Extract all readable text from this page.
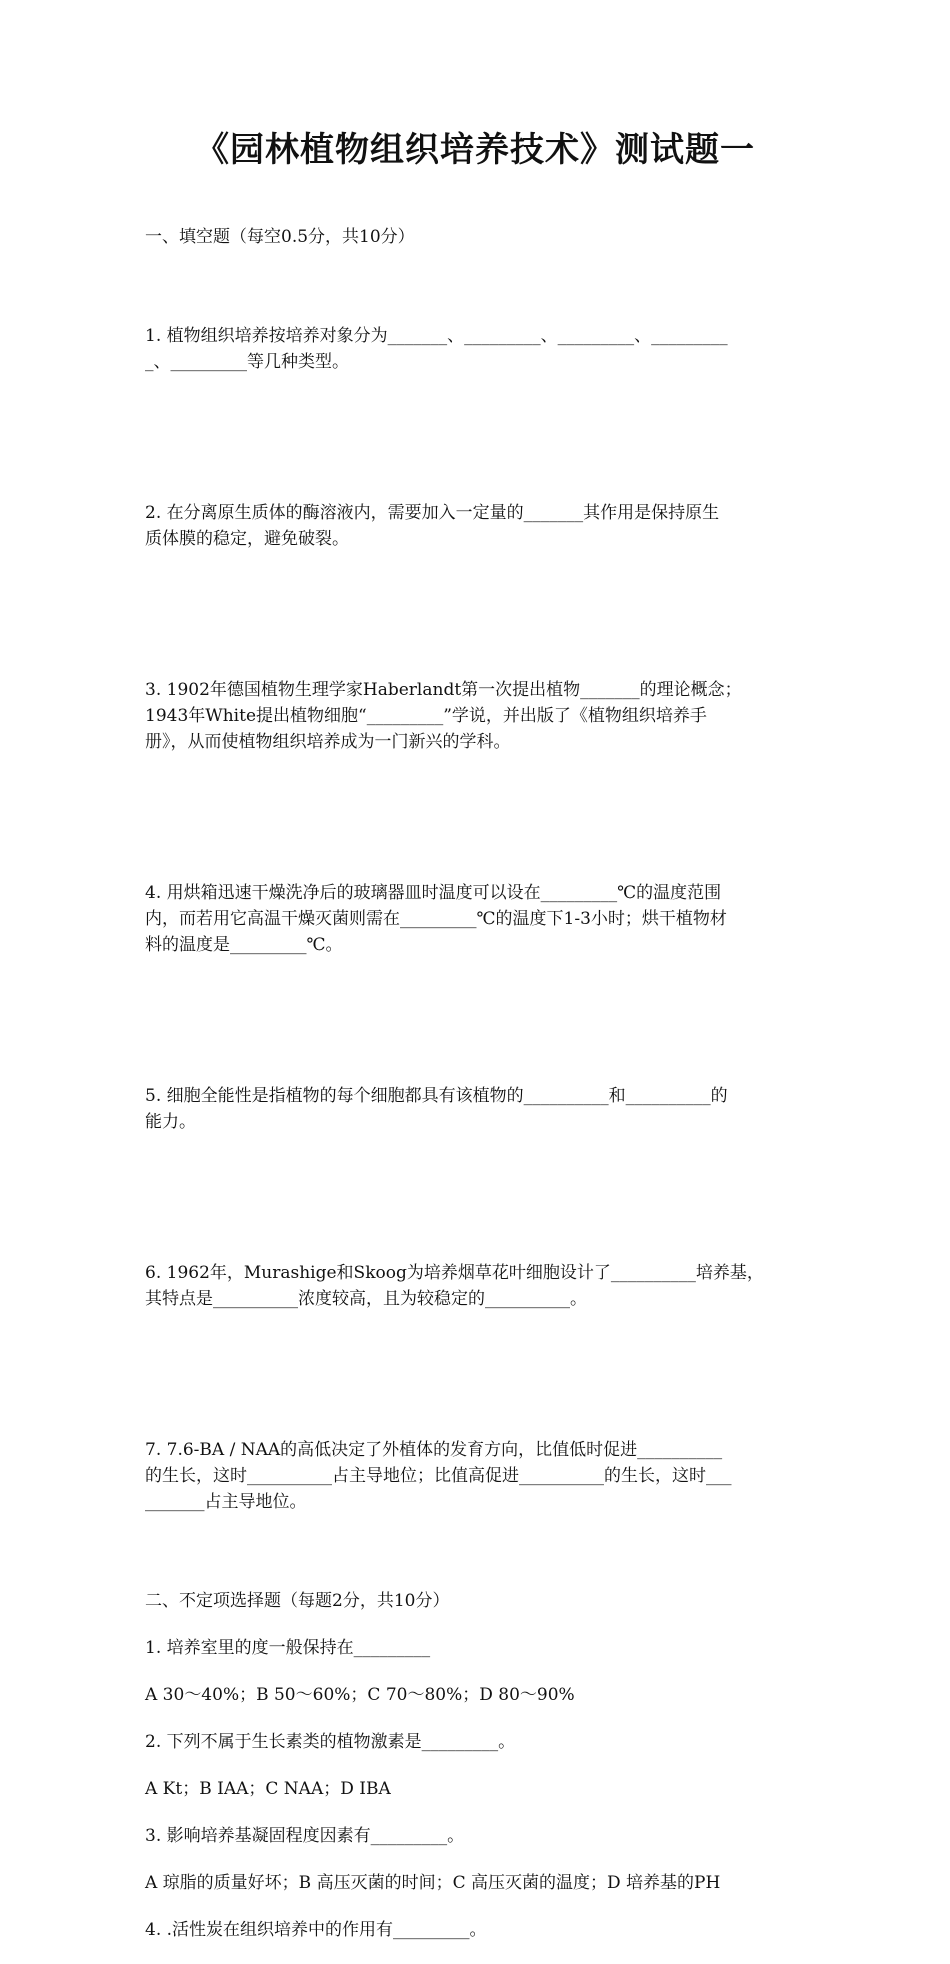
《园林植物组织培养技术》测试题一

一、填空题（每空0.5分，共10分）

1. 植物组织培养按培养对象分为_______、_________、_________、_________
_、_________等几种类型。

2. 在分离原生质体的酶溶液内，需要加入一定量的_______其作用是保持原生
质体膜的稳定，避免破裂。

3. 1902年德国植物生理学家Haberlandt第一次提出植物_______的理论概念；
1943年White提出植物细胞“_________”学说，并出版了《植物组织培养手
册》，从而使植物组织培养成为一门新兴的学科。

4. 用烘箱迅速干燥洗净后的玻璃器皿时温度可以设在_________℃的温度范围
内，而若用它高温干燥灭菌则需在_________℃的温度下1-3小时；烘干植物材
料的温度是_________℃。

5. 细胞全能性是指植物的每个细胞都具有该植物的__________和__________的
能力。

6. 1962年，Murashige和Skoog为培养烟草花叶细胞设计了__________培养基，
其特点是__________浓度较高，且为较稳定的__________。

7. 7.6-BA / NAA的高低决定了外植体的发育方向，比值低时促进__________
的生长，这时__________占主导地位；比值高促进__________的生长，这时___
_______占主导地位。

二、不定项选择题（每题2分，共10分）

1. 培养室里的度一般保持在_________

A 30～40%；B 50～60%；C 70～80%；D 80～90%

2. 下列不属于生长素类的植物激素是_________。

A Kt；B IAA；C NAA；D IBA

3. 影响培养基凝固程度因素有_________。

A 琼脂的质量好坏；B 高压灭菌的时间；C 高压灭菌的温度；D 培养基的PH

4. .活性炭在组织培养中的作用有_________。
